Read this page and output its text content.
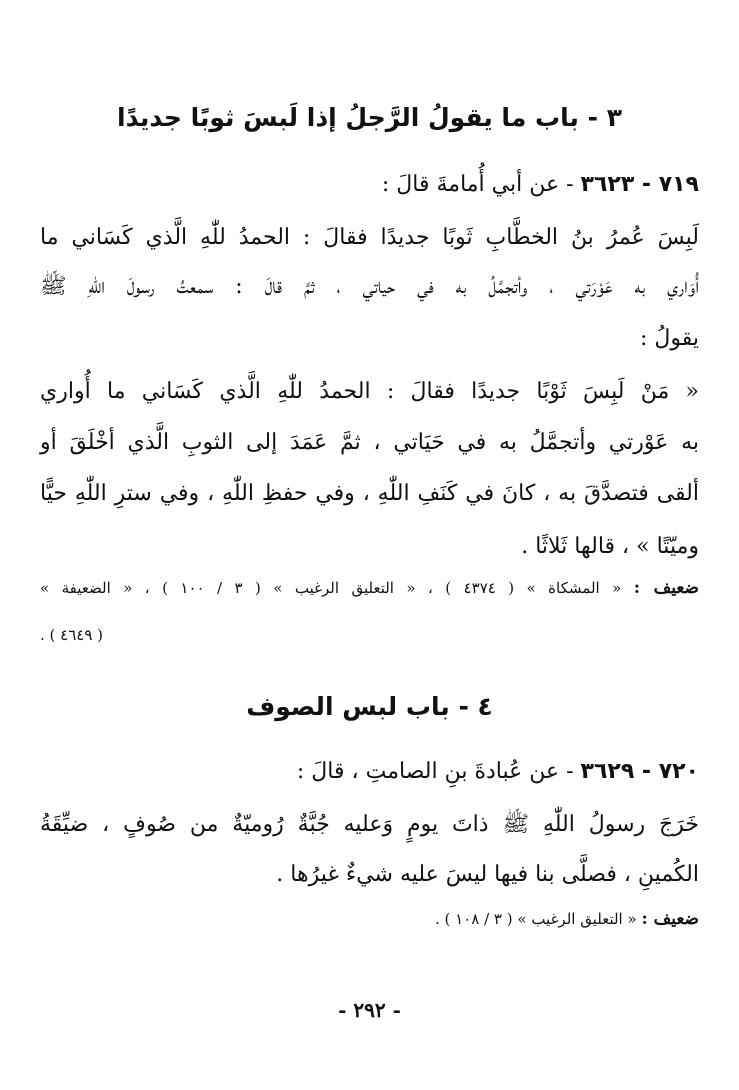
٣ - باب ما يقولُ الرَّجلُ إذا لَبسَ ثوبًا جديدًا
٧١٩ - ٣٦٢٣ - عن أبي أُمامةَ قالَ :
لَبِسَ عُمرُ بنُ الخطَّابِ ثَوبًا جديدًا فقالَ : الحمدُ للّٰهِ الَّذي كَسَاني ما
أُوَاري به عَوْرَتي ، وأتجمَّلُ به في حياتي ، ثمَّ قالَ : سمعتُ رسولَ اللّٰهِ ﷺ
يقولُ :
« مَنْ لَبِسَ ثَوْبًا جديدًا فقالَ : الحمدُ للّٰهِ الَّذي كَسَاني ما أُواري
به عَوْرتي وأتجمَّلُ به في حَيَاتي ، ثمَّ عَمَدَ إلى الثوبِ الَّذي أخْلَقَ أو
ألقى فتصدَّقَ به ، كانَ في كَنَفِ اللّٰهِ ، وفي حفظِ اللّٰهِ ، وفي سترِ اللّٰهِ حيًّا
وميّتًا » ، قالها ثَلاثًا .
ضعيف : « المشكاة » ( ٤٣٧٤ ) ، « التعليق الرغيب » ( ٣ / ١٠٠ ) ، « الضعيفة »
( ٤٦٤٩ ) .
٤ - باب لبس الصوف
٧٢٠ - ٣٦٢٩ - عن عُبادةَ بنِ الصامتِ ، قالَ :
خَرَجَ رسولُ اللّٰهِ ﷺ ذاتَ يومٍ وَعليه جُبَّةٌ رُوميّةٌ من صُوفٍ ، ضيِّقَةُ
الكُمينِ ، فصلَّى بنا فيها ليسَ عليه شيءٌ غيرُها .
ضعيف : « التعليق الرغيب » ( ٣ / ١٠٨ ) .
- ٢٩٢ -
